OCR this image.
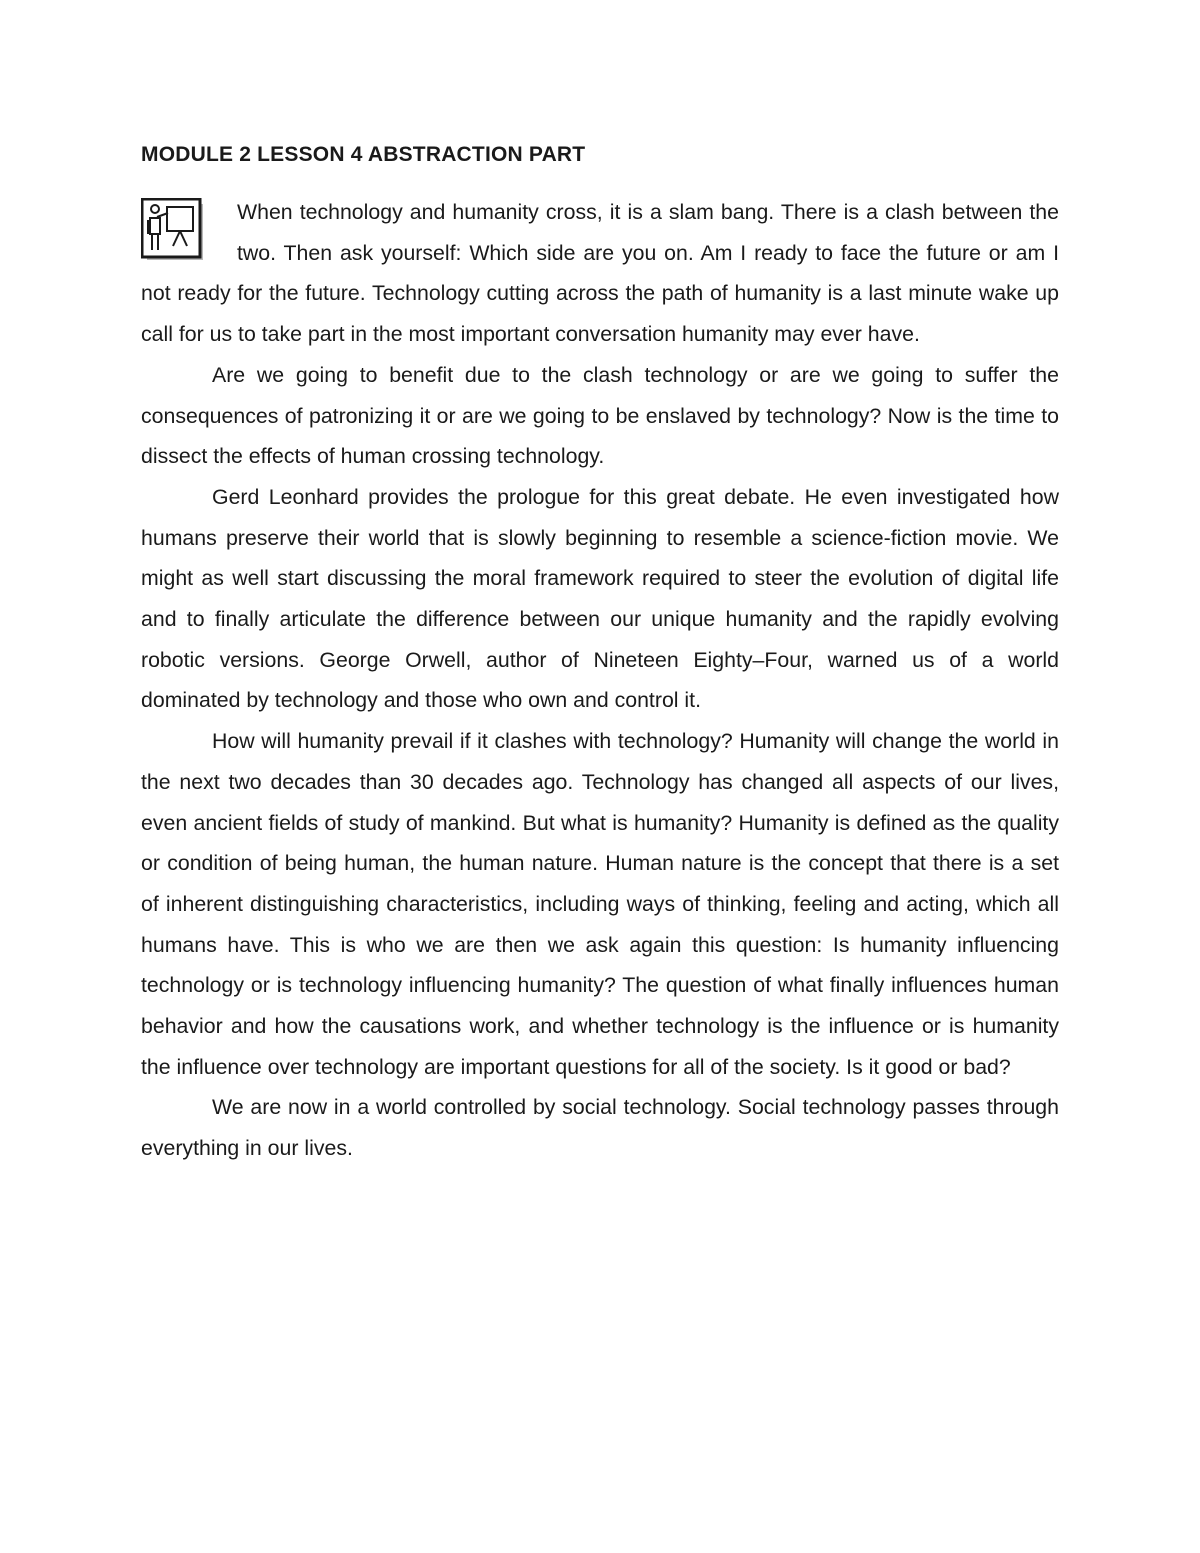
MODULE 2 LESSON 4 ABSTRACTION PART

When technology and humanity cross, it is a slam bang. There is a clash between the two. Then ask yourself: Which side are you on. Am I ready to face the future or am I not ready for the future. Technology cutting across the path of humanity is a last minute wake up call for us to take part in the most important conversation humanity may ever have.

Are we going to benefit due to the clash technology or are we going to suffer the consequences of patronizing it or are we going to be enslaved by technology? Now is the time to dissect the effects of human crossing technology.

Gerd Leonhard provides the prologue for this great debate. He even investigated how humans preserve their world that is slowly beginning to resemble a science-fiction movie. We might as well start discussing the moral framework required to steer the evolution of digital life and to finally articulate the difference between our unique humanity and the rapidly evolving robotic versions. George Orwell, author of Nineteen Eighty–Four, warned us of a world dominated by technology and those who own and control it.

How will humanity prevail if it clashes with technology? Humanity will change the world in the next two decades than 30 decades ago. Technology has changed all aspects of our lives, even ancient fields of study of mankind. But what is humanity? Humanity is defined as the quality or condition of being human, the human nature. Human nature is the concept that there is a set of inherent distinguishing characteristics, including ways of thinking, feeling and acting, which all humans have. This is who we are then we ask again this question: Is humanity influencing technology or is technology influencing humanity? The question of what finally influences human behavior and how the causations work, and whether technology is the influence or is humanity the influence over technology are important questions for all of the society. Is it good or bad?

We are now in a world controlled by social technology. Social technology passes through everything in our lives.
